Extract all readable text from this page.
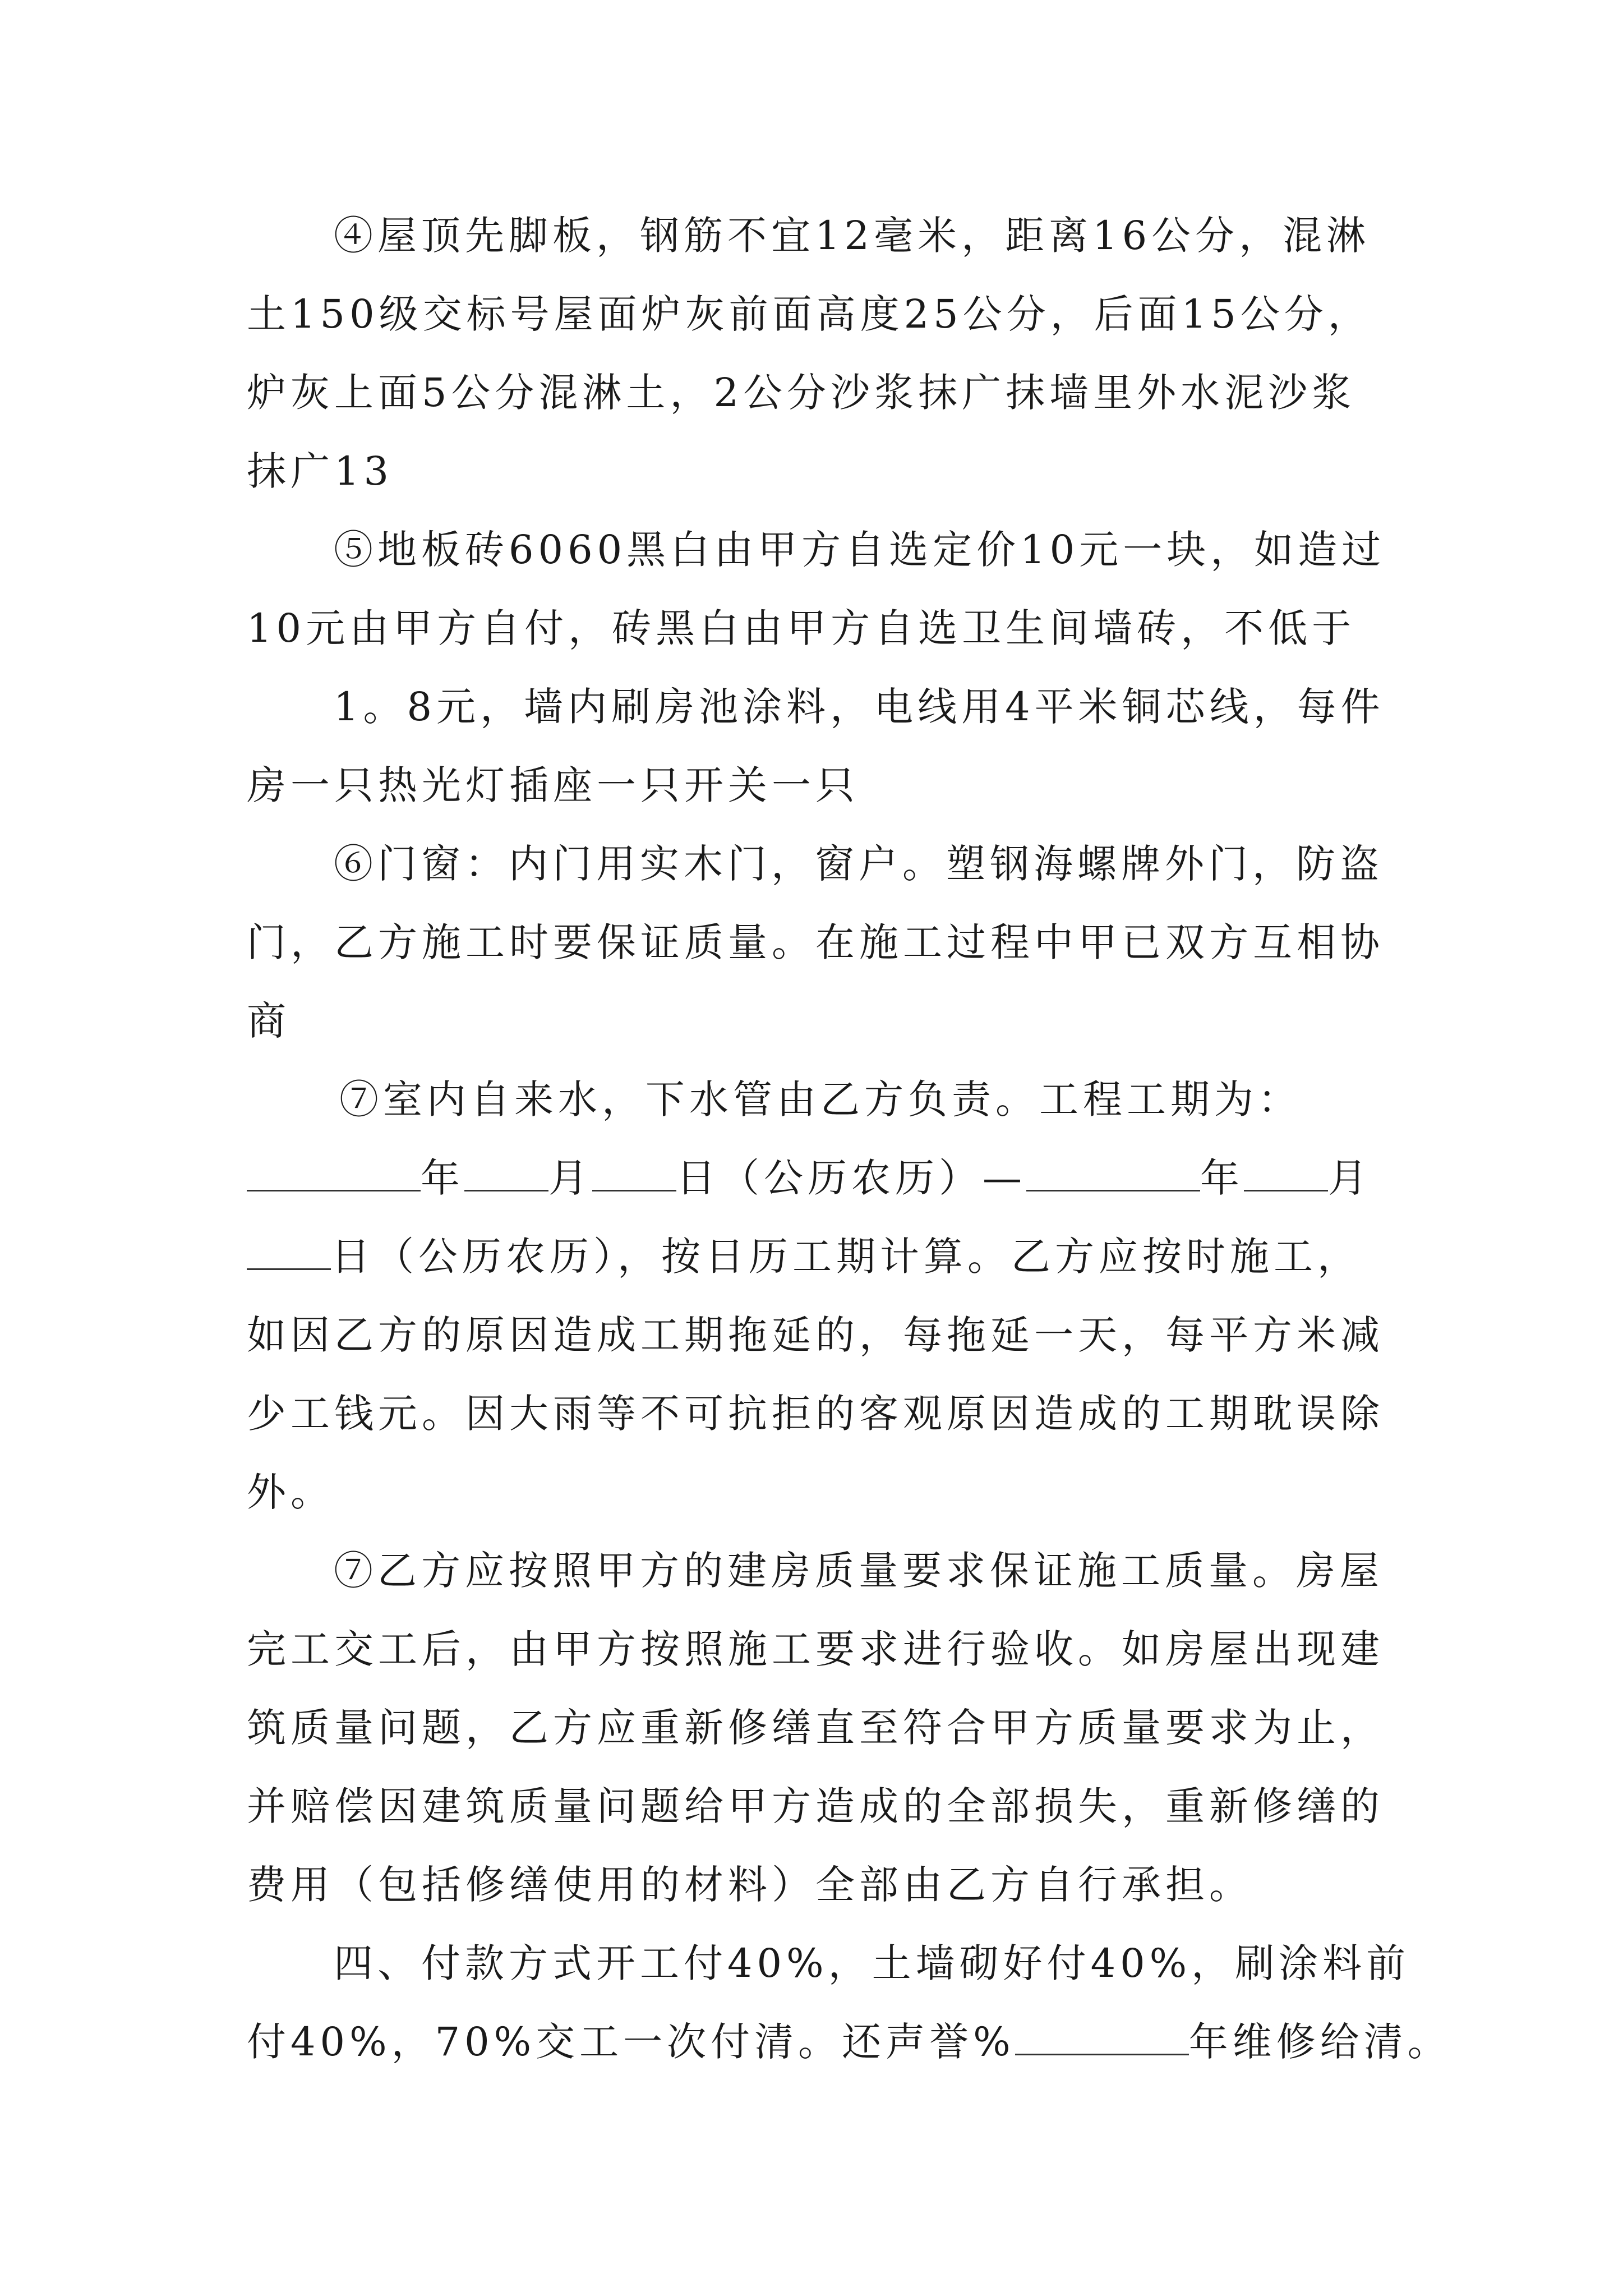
④屋顶先脚板，钢筋不宜12毫米，距离16公分，混淋
土150级交标号屋面炉灰前面高度25公分，后面15公分，
炉灰上面5公分混淋土，2公分沙浆抹广抹墙里外水泥沙浆
抹广13
⑤地板砖6060黑白由甲方自选定价10元一块，如造过
10元由甲方自付，砖黑白由甲方自选卫生间墙砖，不低于
1。8元，墙内刷房池涂料，电线用4平米铜芯线，每件
房一只热光灯插座一只开关一只
⑥门窗：内门用实木门，窗户。塑钢海螺牌外门，防盗
门，乙方施工时要保证质量。在施工过程中甲已双方互相协
商
⑦室内自来水，下水管由乙方负责。工程工期为：
年 月 日（公历农历）—	年 月
日（公历农历），按日历工期计算。乙方应按时施工，
如因乙方的原因造成工期拖延的，每拖延一天，每平方米减
少工钱元。因大雨等不可抗拒的客观原因造成的工期耽误除
外。
⑦乙方应按照甲方的建房质量要求保证施工质量。房屋
完工交工后，由甲方按照施工要求进行验收。如房屋出现建
筑质量问题，乙方应重新修缮直至符合甲方质量要求为止，
并赔偿因建筑质量问题给甲方造成的全部损失，重新修缮的
费用（包括修缮使用的材料）全部由乙方自行承担。
四、付款方式开工付40%，土墙砌好付40%，刷涂料前
付40%，70%交工一次付清。还声誉%	年维修给清。
